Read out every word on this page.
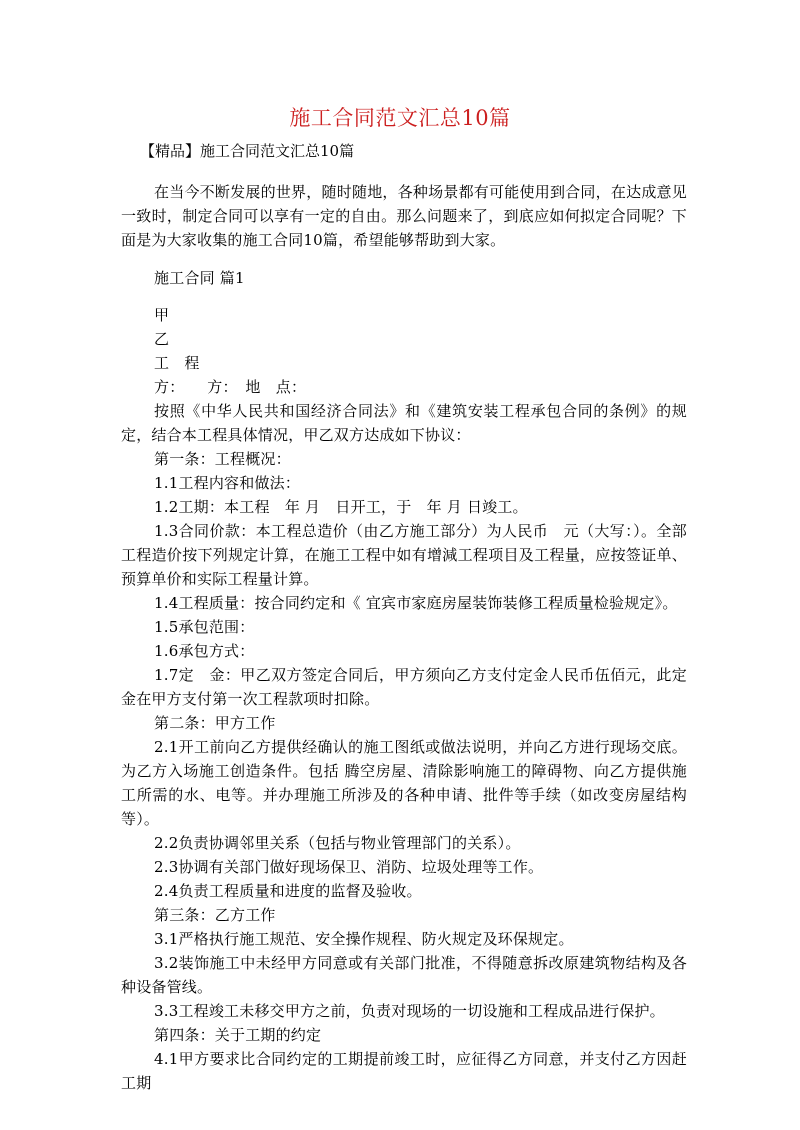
施工合同范文汇总10篇
【精品】施工合同范文汇总10篇

在当今不断发展的世界，随时随地，各种场景都有可能使用到合同，在达成意见一致时，制定合同可以享有一定的自由。那么问题来了，到底应如何拟定合同呢？下面是为大家收集的施工合同10篇，希望能够帮助到大家。

施工合同 篇1

甲

乙

工　程

方：　　方：　地　点：

按照《中华人民共和国经济合同法》和《建筑安装工程承包合同的条例》的规定，结合本工程具体情况，甲乙双方达成如下协议：

第一条：工程概况：

1.1工程内容和做法：

1.2工期：本工程　年 月　日开工，于　年 月 日竣工。

1.3合同价款：本工程总造价（由乙方施工部分）为人民币　元（大写：）。全部工程造价按下列规定计算，在施工工程中如有增減工程项目及工程量，应按签证单、预算单价和实际工程量计算。

1.4工程质量：按合同约定和《 宜宾市家庭房屋装饰装修工程质量检验规定》。

1.5承包范围：

1.6承包方式：

1.7定　金：甲乙双方签定合同后，甲方须向乙方支付定金人民币伍佰元，此定金在甲方支付第一次工程款项时扣除。

第二条：甲方工作

2.1开工前向乙方提供经确认的施工图纸或做法说明，并向乙方进行现场交底。为乙方入场施工创造条件。包括 腾空房屋、清除影响施工的障碍物、向乙方提供施工所需的水、电等。并办理施工所涉及的各种申请、批件等手续（如改变房屋结构等）。

2.2负责协调邻里关系（包括与物业管理部门的关系）。

2.3协调有关部门做好现场保卫、消防、垃圾处理等工作。

2.4负责工程质量和进度的监督及验收。

第三条：乙方工作

3.1严格执行施工规范、安全操作规程、防火规定及环保规定。

3.2装饰施工中未经甲方同意或有关部门批准，不得随意拆改原建筑物结构及各种设备管线。

3.3工程竣工未移交甲方之前，负责对现场的一切设施和工程成品进行保护。

第四条：关于工期的约定

4.1甲方要求比合同约定的工期提前竣工时，应征得乙方同意，并支付乙方因赶工期
